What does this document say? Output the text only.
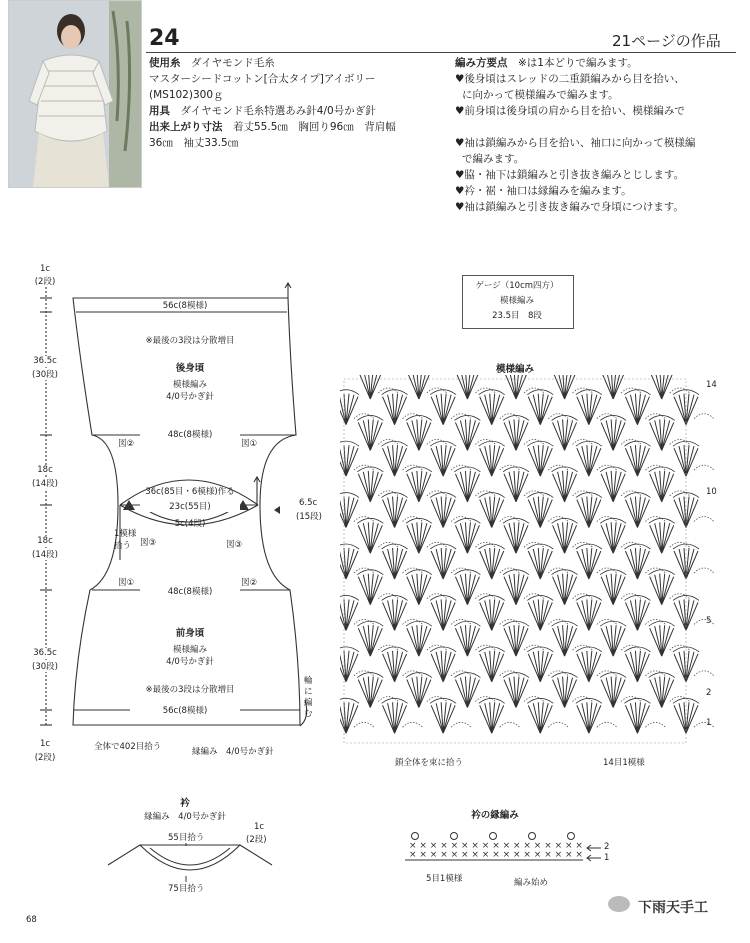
24	21ページの作品
使用糸　 ダイヤモンド毛糸
マスターシードコットン[合太タイプ]アイボリー
(MS102)300ｇ
用具　 ダイヤモンド毛糸特選あみ針4/0号かぎ針
出来上がり寸法　 着丈55.5㎝　胸回り96㎝　背肩幅
36㎝　袖丈33.5㎝
編み方要点　 ※は1本どりで編みます。
♥後身頃はスレッドの二重鎖編みから目を拾い、
に向かって模様編みで編みます。
♥前身頃は後身頃の肩から目を拾い、模様編みで
♥袖は鎖編みから目を拾い、袖口に向かって模様編
で編みます。
♥脇・袖下は鎖編みと引き抜き編みとじします。
♥衿・裾・袖口は縁編みを編みます。
♥袖は鎖編みと引き抜き編みで身頃につけます。
1c
(2段)
36.5c
(30段)
18c
(14段)
18c
(14段)
36.5c
(30段)
1c
(2段)
56c(8模様)
※最後の3段は分散増目
後身頃
模様編み
4/0号かぎ針
48c(8模様)
図②	図①
36c(85目・6模様)作る
23c(55目)
5c(4段)
6.5c
(15段)
1模様拾う	図③	図③
図①	図②
48c(8模様)
前身頃
模様編み
4/0号かぎ針
※最後の3段は分散増目
56c(8模様)
全体で402目拾う	縁編み　4/0号かぎ針
輪に編む
ゲージ（10cm四方）
模様編み
23.5目　8段
模様編み
14
10
5
2
1
鎖全体を束に拾う	14目1模様
衿
縁編み　4/0号かぎ針
55目拾う
75目拾う
1c
(2段)
衿の縁編み
× × × × × × × × × × × × × × × × ×
× × × × × × × × × × × × × × × × × 2
1
5目1模様	編み始め
68
下雨天手工
